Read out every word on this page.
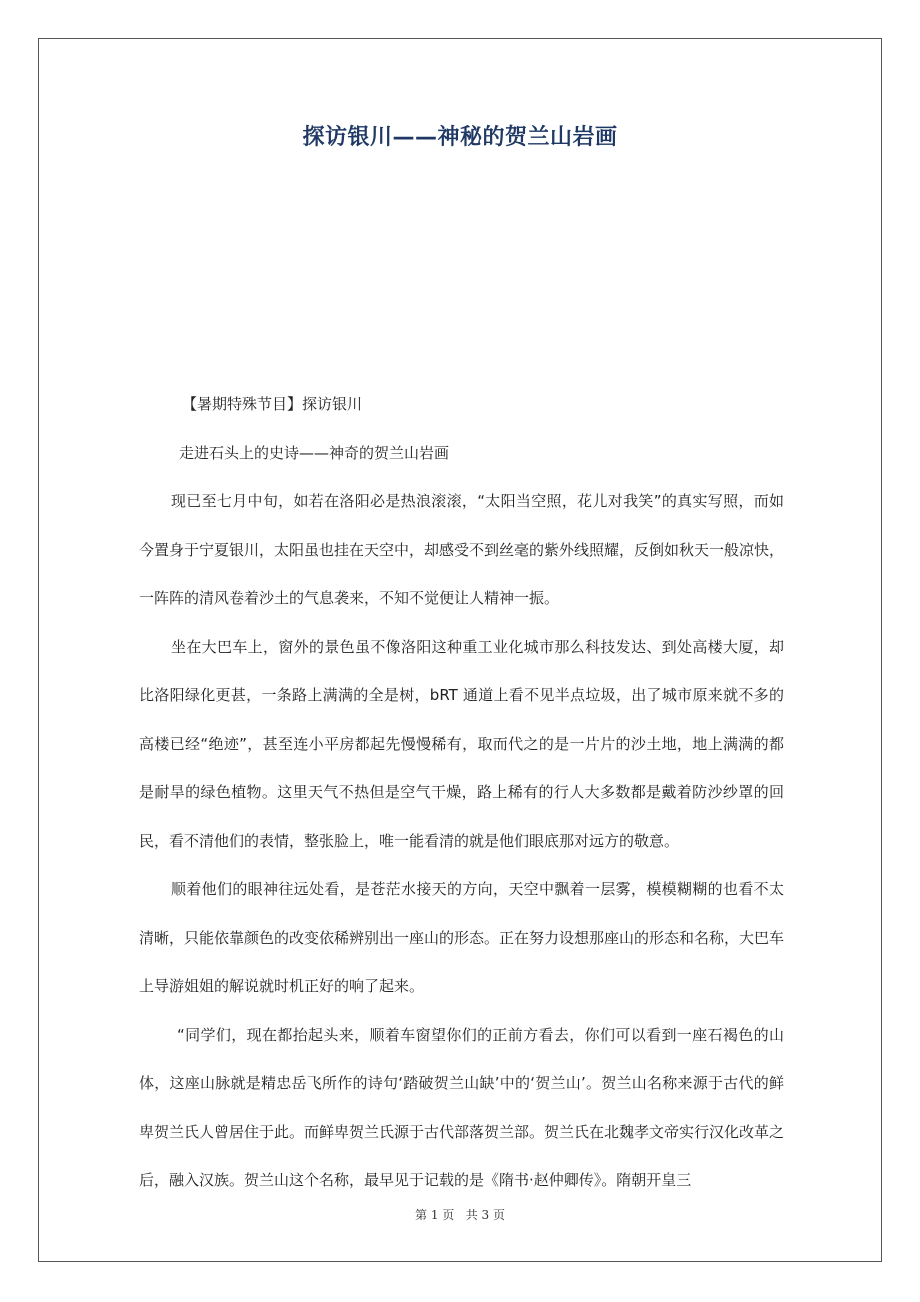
探访银川——神秘的贺兰山岩画

【暑期特殊节目】探访银川

走进石头上的史诗——神奇的贺兰山岩画

现已至七月中旬，如若在洛阳必是热浪滚滚，“太阳当空照，花儿对我笑”的真实写照，而如今置身于宁夏银川，太阳虽也挂在天空中，却感受不到丝毫的紫外线照耀，反倒如秋天一般凉快，一阵阵的清风卷着沙土的气息袭来，不知不觉便让人精神一振。

坐在大巴车上，窗外的景色虽不像洛阳这种重工业化城市那么科技发达、到处高楼大厦，却比洛阳绿化更甚，一条路上满满的全是树，bRT 通道上看不见半点垃圾，出了城市原来就不多的高楼已经“绝迹”，甚至连小平房都起先慢慢稀有，取而代之的是一片片的沙土地，地上满满的都是耐旱的绿色植物。这里天气不热但是空气干燥，路上稀有的行人大多数都是戴着防沙纱罩的回民，看不清他们的表情，整张脸上，唯一能看清的就是他们眼底那对远方的敬意。

顺着他们的眼神往远处看，是苍茫水接天的方向，天空中飘着一层雾，模模糊糊的也看不太清晰，只能依靠颜色的改变依稀辨别出一座山的形态。正在努力设想那座山的形态和名称，大巴车上导游姐姐的解说就时机正好的响了起来。

“同学们，现在都抬起头来，顺着车窗望你们的正前方看去，你们可以看到一座石褐色的山体，这座山脉就是精忠岳飞所作的诗句‘踏破贺兰山缺’中的‘贺兰山’。贺兰山名称来源于古代的鲜卑贺兰氏人曾居住于此。而鲜卑贺兰氏源于古代部落贺兰部。贺兰氏在北魏孝文帝实行汉化改革之后，融入汉族。贺兰山这个名称，最早见于记载的是《隋书·赵仲卿传》。隋朝开皇三

第 1 页 共 3 页
